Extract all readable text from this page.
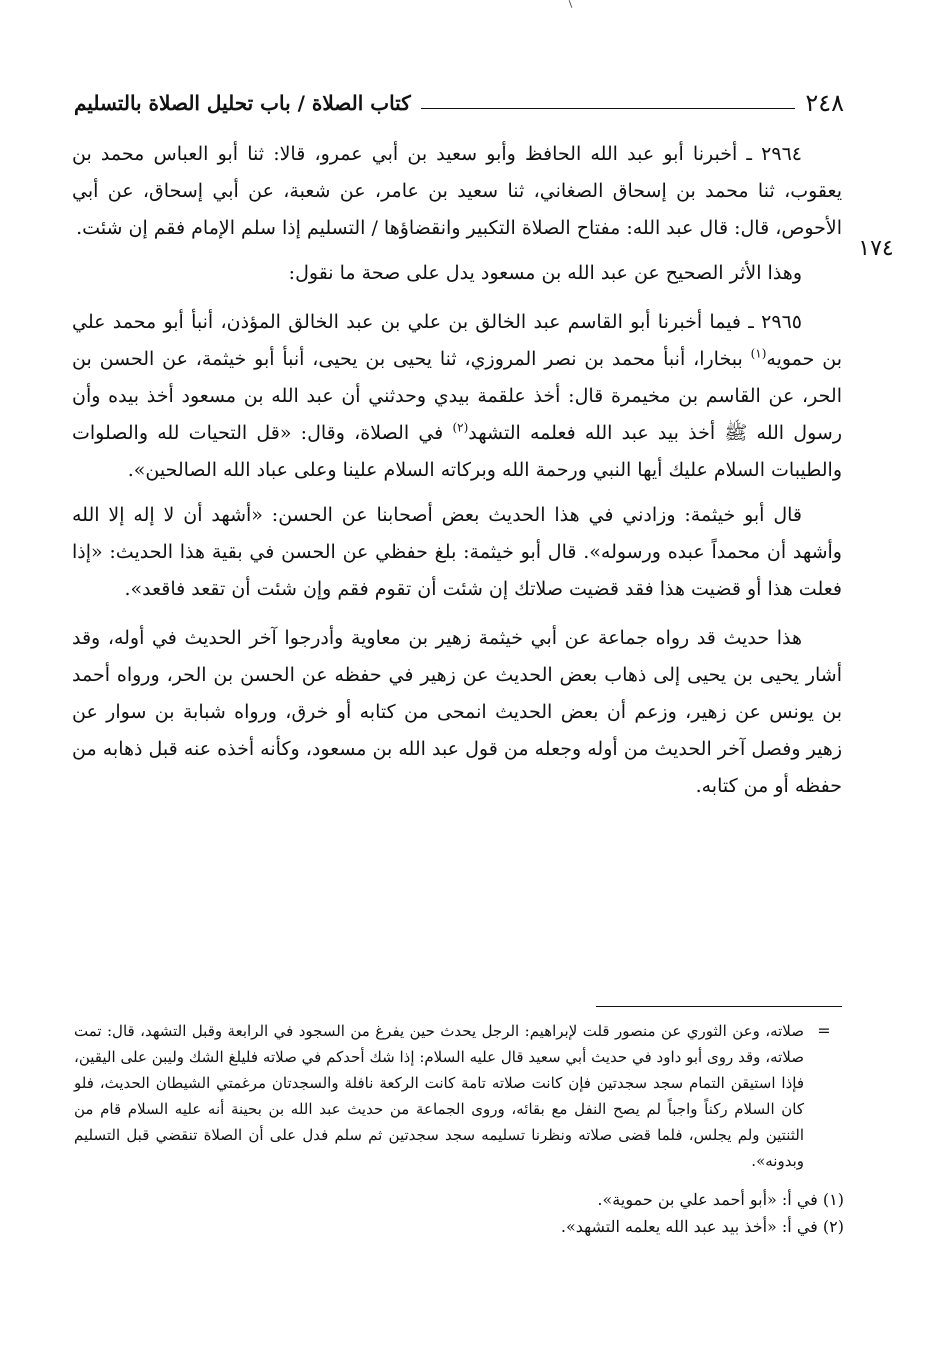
٢٤٨
كتاب الصلاة / باب تحليل الصلاة بالتسليم
١٧٤

٢٩٦٤ ـ أخبرنا أبو عبد الله الحافظ وأبو سعيد بن أبي عمرو، قالا: ثنا أبو العباس محمد بن يعقوب، ثنا محمد بن إسحاق الصغاني، ثنا سعيد بن عامر، عن شعبة، عن أبي إسحاق، عن أبي الأحوص، قال: قال عبد الله: مفتاح الصلاة التكبير وانقضاؤها / التسليم إذا سلم الإمام فقم إن شئت.

وهذا الأثر الصحيح عن عبد الله بن مسعود يدل على صحة ما نقول:

٢٩٦٥ ـ فيما أخبرنا أبو القاسم عبد الخالق بن علي بن عبد الخالق المؤذن، أنبأ أبو محمد علي بن حمويه$^{(١)}$ ببخارا، أنبأ محمد بن نصر المروزي، ثنا يحيى بن يحيى، أنبأ أبو خيثمة، عن الحسن بن الحر، عن القاسم بن مخيمرة قال: أخذ علقمة بيدي وحدثني أن عبد الله بن مسعود أخذ بيده وأن رسول الله ﷺ أخذ بيد عبد الله فعلمه التشهد$^{(٢)}$ في الصلاة، وقال: «قل التحيات لله والصلوات والطيبات السلام عليك أيها النبي ورحمة الله وبركاته السلام علينا وعلى عباد الله الصالحين».

قال أبو خيثمة: وزادني في هذا الحديث بعض أصحابنا عن الحسن: «أشهد أن لا إله إلا الله وأشهد أن محمداً عبده ورسوله». قال أبو خيثمة: بلغ حفظي عن الحسن في بقية هذا الحديث: «إذا فعلت هذا أو قضيت هذا فقد قضيت صلاتك إن شئت أن تقوم فقم وإن شئت أن تقعد فاقعد».

هذا حديث قد رواه جماعة عن أبي خيثمة زهير بن معاوية وأدرجوا آخر الحديث في أوله، وقد أشار يحيى بن يحيى إلى ذهاب بعض الحديث عن زهير في حفظه عن الحسن بن الحر، ورواه أحمد بن يونس عن زهير، وزعم أن بعض الحديث انمحى من كتابه أو خرق، ورواه شبابة بن سوار عن زهير وفصل آخر الحديث من أوله وجعله من قول عبد الله بن مسعود، وكأنه أخذه عنه قبل ذهابه من حفظه أو من كتابه.

=
صلاته، وعن الثوري عن منصور قلت لإبراهيم: الرجل يحدث حين يفرغ من السجود في الرابعة وقبل التشهد، قال: تمت صلاته، وقد روى أبو داود في حديث أبي سعيد قال عليه السلام: إذا شك أحدكم في صلاته فليلغ الشك وليبن على اليقين، فإذا استيقن التمام سجد سجدتين فإن كانت صلاته تامة كانت الركعة نافلة والسجدتان مرغمتي الشيطان الحديث، فلو كان السلام ركناً واجباً لم يصح النفل مع بقائه، وروى الجماعة من حديث عبد الله بن بحينة أنه عليه السلام قام من الثنتين ولم يجلس، فلما قضى صلاته ونظرنا تسليمه سجد سجدتين ثم سلم فدل على أن الصلاة تنقضي قبل التسليم وبدونه».

(١) في أ: «أبو أحمد علي بن حموية».

(٢) في أ: «أخذ بيد عبد الله يعلمه التشهد».
